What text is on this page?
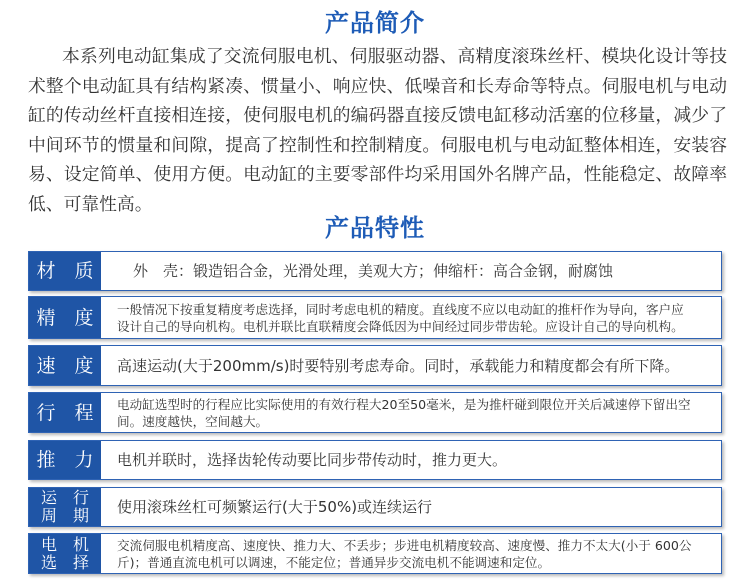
产品简介
本系列电动缸集成了交流伺服电机、伺服驱动器、高精度滚珠丝杆、模块化设计等技
术整个电动缸具有结构紧凑、惯量小、响应快、低噪音和长寿命等特点。伺服电机与电动
缸的传动丝杆直接相连接，使伺服电机的编码器直接反馈电缸移动活塞的位移量，减少了
中间环节的惯量和间隙，提高了控制性和控制精度。伺服电机与电动缸整体相连，安装容
易、设定简单、使用方便。电动缸的主要零部件均采用国外名牌产品，性能稳定、故障率
低、可靠性高。
产品特性
材　质	外　壳：锻造铝合金，光滑处理，美观大方；伸缩杆：高合金钢，耐腐蚀
精　度 一般情况下按重复精度考虑选择，同时考虑电机的精度。直线度不应以电动缸的推杆作为导向，客户应
设计自己的导向机构。电机并联比直联精度会降低因为中间经过同步带齿轮。应设计自己的导向机构。
速　度 高速运动(大于200mm/s)时要特别考虑寿命。同时，承载能力和精度都会有所下降。
行　程 电动缸选型时的行程应比实际使用的有效行程大20至50毫米，是为推杆碰到限位开关后减速停下留出空
间。速度越快，空间越大。
推　力 电机并联时，选择齿轮传动要比同步带传动时，推力更大。
运　行
周　期 使用滚珠丝杠可频繁运行(大于50%)或连续运行
电　机
选　择
交流伺服电机精度高、速度快、推力大、不丢步；步进电机精度较高、速度慢、推力不太大(小于 600公
斤)；普通直流电机可以调速，不能定位；普通异步交流电机不能调速和定位。
